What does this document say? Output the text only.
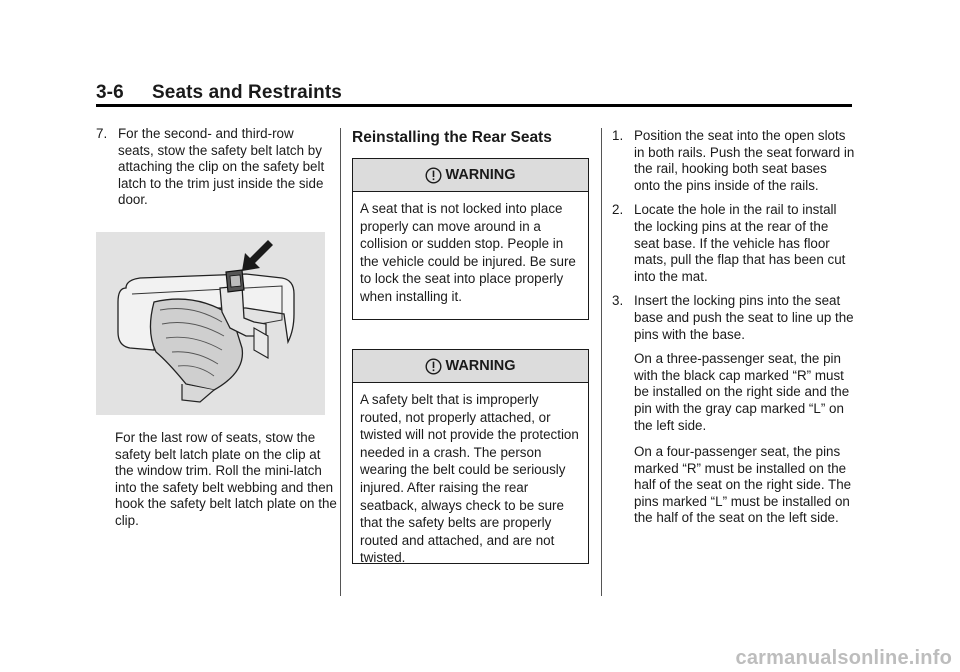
3-6 Seats and Restraints
7. For the second- and third-row seats, stow the safety belt latch by attaching the clip on the safety belt latch to the trim just inside the side door.
For the last row of seats, stow the safety belt latch plate on the clip at the window trim. Roll the mini-latch into the safety belt webbing and then hook the safety belt latch plate on the clip.
Reinstalling the Rear Seats
WARNING
A seat that is not locked into place properly can move around in a collision or sudden stop. People in the vehicle could be injured. Be sure to lock the seat into place properly when installing it.
WARNING
A safety belt that is improperly routed, not properly attached, or twisted will not provide the protection needed in a crash. The person wearing the belt could be seriously injured. After raising the rear seatback, always check to be sure that the safety belts are properly routed and attached, and are not twisted.
1. Position the seat into the open slots in both rails. Push the seat forward in the rail, hooking both seat bases onto the pins inside of the rails.
2. Locate the hole in the rail to install the locking pins at the rear of the seat base. If the vehicle has floor mats, pull the flap that has been cut into the mat.
3. Insert the locking pins into the seat base and push the seat to line up the pins with the base.
On a three-passenger seat, the pin with the black cap marked “R” must be installed on the right side and the pin with the gray cap marked “L” on the left side.
On a four-passenger seat, the pins marked “R” must be installed on the half of the seat on the right side. The pins marked “L” must be installed on the half of the seat on the left side.
carmanualsonline.info
